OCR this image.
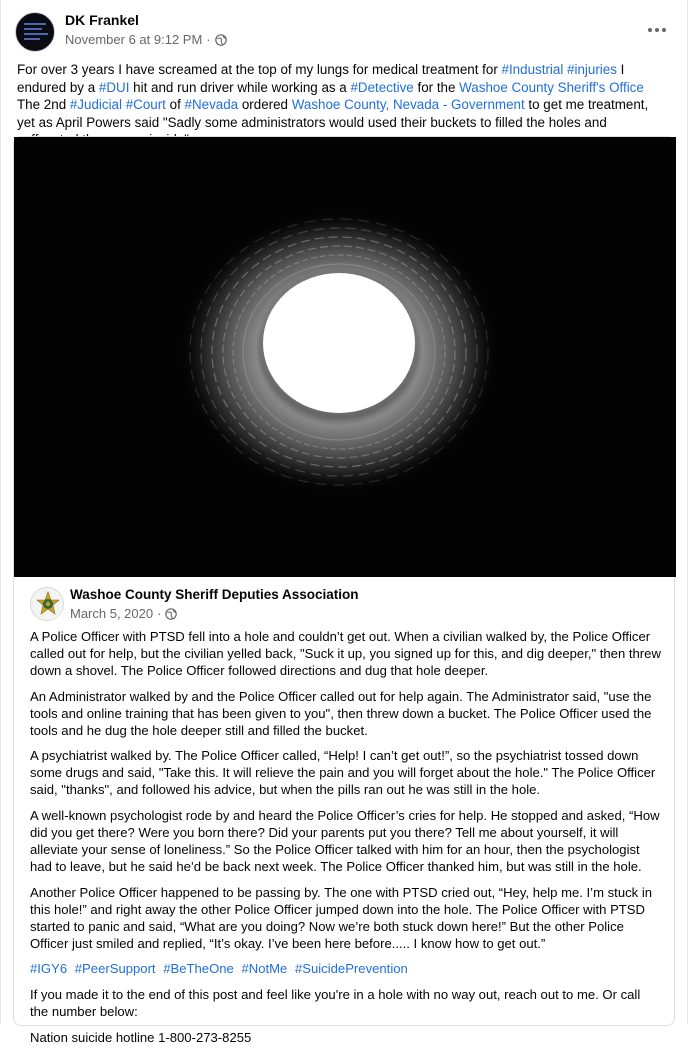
DK Frankel
November 6 at 9:12 PM ·
For over 3 years I have screamed at the top of my lungs for medical treatment for #Industrial #injuries I endured by a #DUI hit and run driver while working as a #Detective for the Washoe County Sheriff's Office The 2nd #Judicial #Court of #Nevada ordered Washoe County, Nevada - Government to get me treatment, yet as April Powers said "Sadly some administrators would used their buckets to filled the holes and
Washoe County Sheriff Deputies Association
March 5, 2020 ·

A Police Officer with PTSD fell into a hole and couldn’t get out. When a civilian walked by, the Police Officer called out for help, but the civilian yelled back, "Suck it up, you signed up for this, and dig deeper," then threw down a shovel. The Police Officer followed directions and dug that hole deeper.

An Administrator walked by and the Police Officer called out for help again. The Administrator said, "use the tools and online training that has been given to you", then threw down a bucket. The Police Officer used the tools and he dug the hole deeper still and filled the bucket.

A psychiatrist walked by. The Police Officer called, “Help! I can’t get out!”, so the psychiatrist tossed down some drugs and said, "Take this. It will relieve the pain and you will forget about the hole." The Police Officer said, "thanks", and followed his advice, but when the pills ran out he was still in the hole.

A well-known psychologist rode by and heard the Police Officer’s cries for help. He stopped and asked, “How did you get there? Were you born there? Did your parents put you there? Tell me about yourself, it will alleviate your sense of loneliness.” So the Police Officer talked with him for an hour, then the psychologist had to leave, but he said he’d be back next week. The Police Officer thanked him, but was still in the hole.

Another Police Officer happened to be passing by. The one with PTSD cried out, “Hey, help me. I’m stuck in this hole!” and right away the other Police Officer jumped down into the hole. The Police Officer with PTSD started to panic and said, “What are you doing? Now we’re both stuck down here!” But the other Police Officer just smiled and replied, “It’s okay. I’ve been here before..... I know how to get out.”

#IGY6 #PeerSupport #BeTheOne #NotMe #SuicidePrevention

If you made it to the end of this post and feel like you're in a hole with no way out, reach out to me. Or call the number below:

Nation suicide hotline 1-800-273-8255
